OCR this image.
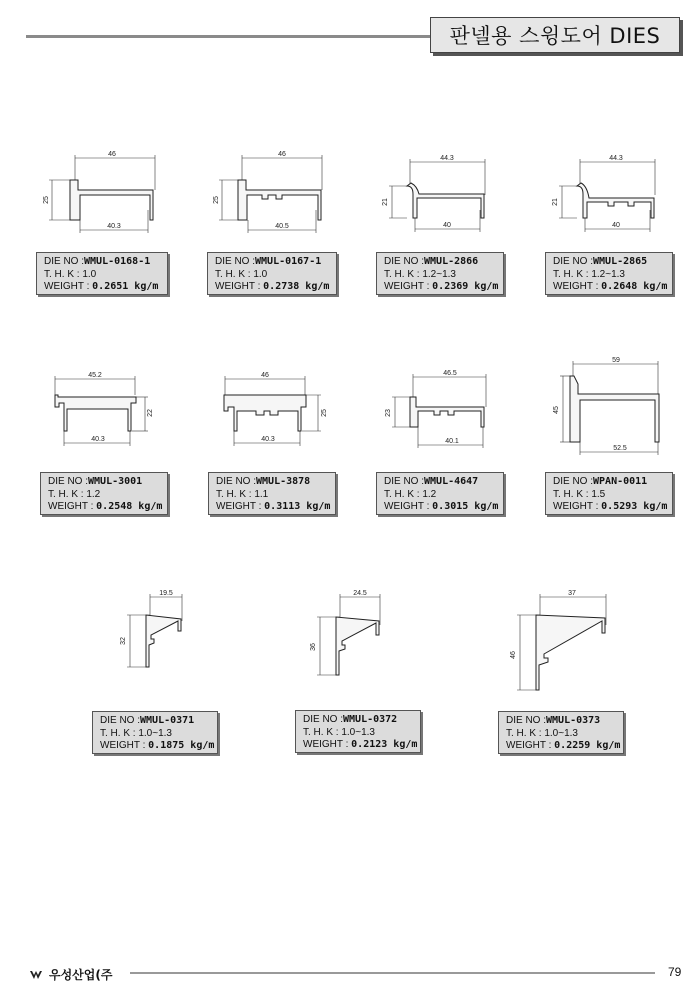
판넬용 스윙도어 DIES
46
25
40.3
46
25
40.5
44.3
21
40
44.3
21
40
DIE NO :WMUL-0168-1
T. H. K : 1.0
WEIGHT : 0.2651 kg/m
DIE NO :WMUL-0167-1
T. H. K : 1.0
WEIGHT : 0.2738 kg/m
DIE NO :WMUL-2866
T. H. K : 1.2~1.3
WEIGHT : 0.2369 kg/m
DIE NO :WMUL-2865
T. H. K : 1.2~1.3
WEIGHT : 0.2648 kg/m
45.2
22
40.3
46
25
40.3
46.5
23
40.1
59
45
52.5
DIE NO :WMUL-3001
T. H. K : 1.2
WEIGHT : 0.2548 kg/m
DIE NO :WMUL-3878
T. H. K : 1.1
WEIGHT : 0.3113 kg/m
DIE NO :WMUL-4647
T. H. K : 1.2
WEIGHT : 0.3015 kg/m
DIE NO :WPAN-0011
T. H. K : 1.5
WEIGHT : 0.5293 kg/m
19.5
32
24.5
36
37
46
DIE NO :WMUL-0371
T. H. K : 1.0~1.3
WEIGHT : 0.1875 kg/m
DIE NO :WMUL-0372
T. H. K : 1.0~1.3
WEIGHT : 0.2123 kg/m
DIE NO :WMUL-0373
T. H. K : 1.0~1.3
WEIGHT : 0.2259 kg/m
우성산업(주	79
